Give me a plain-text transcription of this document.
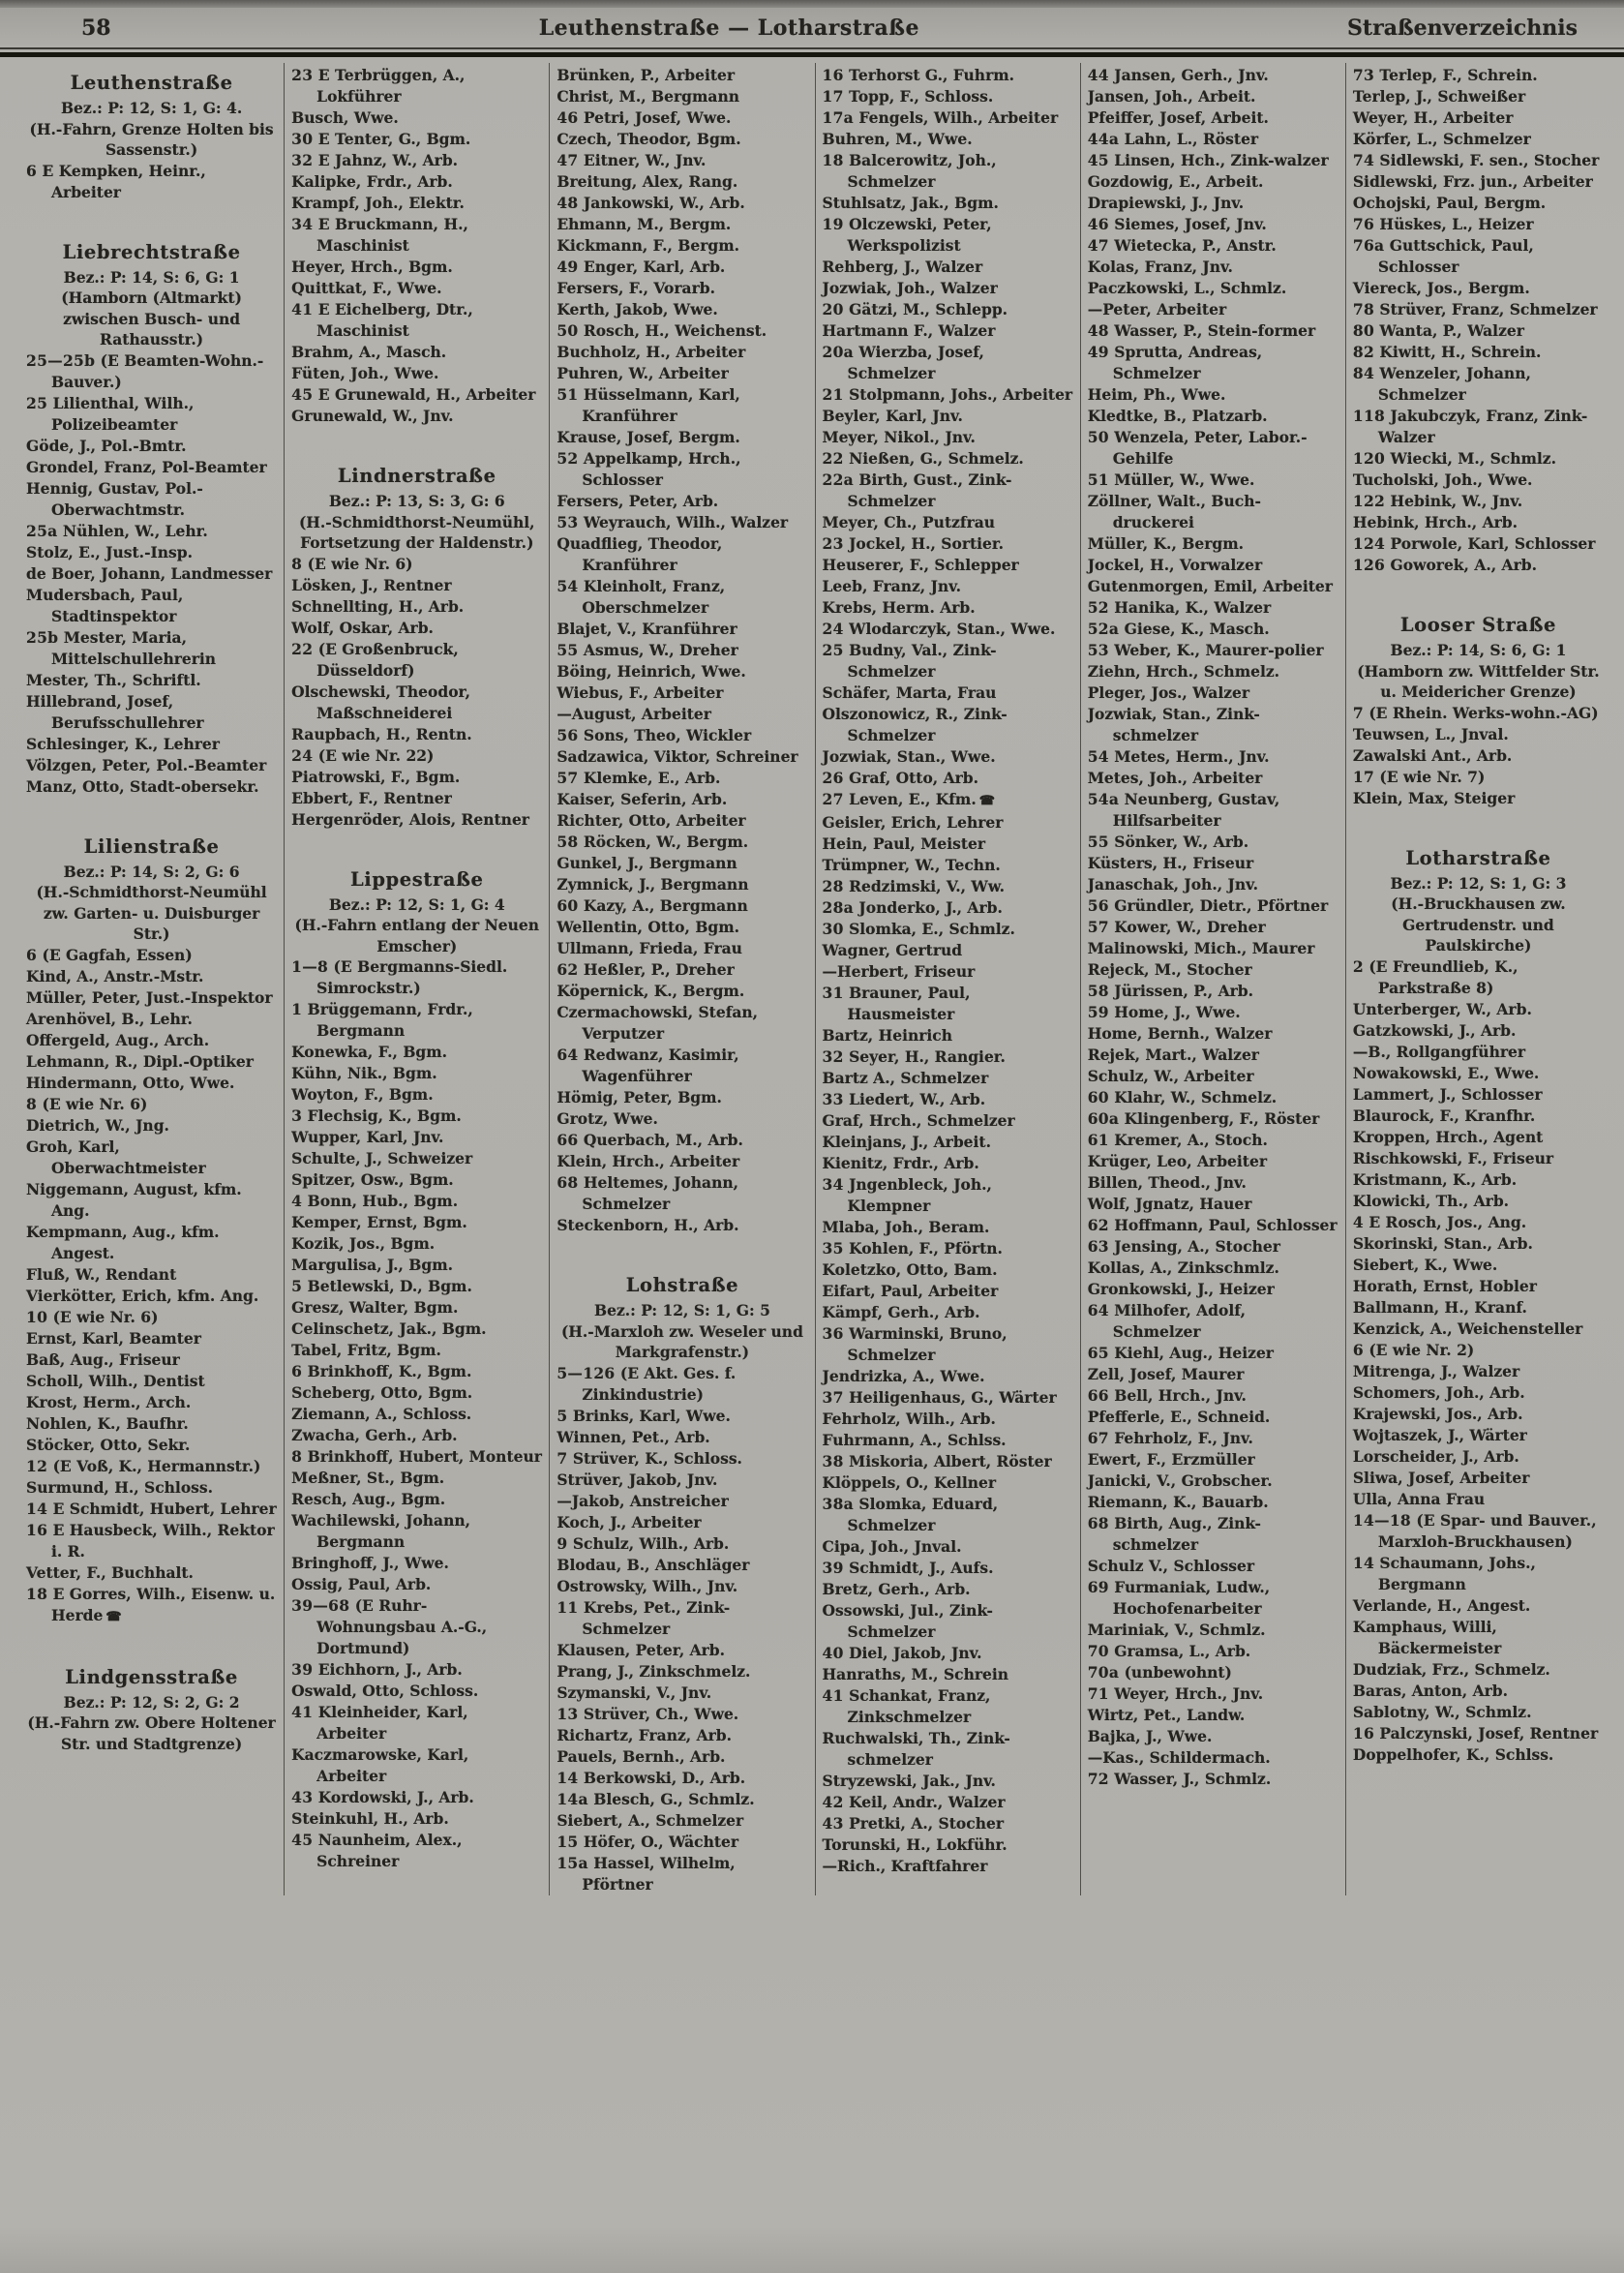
58	Leuthenstraße — Lotharstraße	Straßenverzeichnis
Leuthenstraße
Bez.: P: 12, S: 1, G: 4.
(H.-Fahrn, Grenze Holten bis Sassenstr.)
6 E Kempken, Heinr., Arbeiter
Liebrechtstraße
Bez.: P: 14, S: 6, G: 1
(Hamborn (Altmarkt) zwischen Busch- und Rathausstr.)
25—25b (E Beamten-Wohn.-Bauver.)
25 Lilienthal, Wilh., Polizeibeamter
Göde, J., Pol.-Bmtr.
Grondel, Franz, Pol-Beamter
Hennig, Gustav, Pol.-Oberwachtmstr.
25a Nühlen, W., Lehr.
Stolz, E., Just.-Insp.
de Boer, Johann, Landmesser
Mudersbach, Paul, Stadtinspektor
25b Mester, Maria, Mittelschullehrerin
Mester, Th., Schriftl.
Hillebrand, Josef, Berufsschullehrer
Schlesinger, K., Lehrer
Völzgen, Peter, Pol.-Beamter
Manz, Otto, Stadt-obersekr.
Lilienstraße
Bez.: P: 14, S: 2, G: 6
(H.-Schmidthorst-Neumühl zw. Garten- u. Duisburger Str.)
6 (E Gagfah, Essen)
Kind, A., Anstr.-Mstr.
Müller, Peter, Just.-Inspektor
Arenhövel, B., Lehr.
Offergeld, Aug., Arch.
Lehmann, R., Dipl.-Optiker
Hindermann, Otto, Wwe.
8 (E wie Nr. 6)
Dietrich, W., Jng.
Groh, Karl, Oberwachtmeister
Niggemann, August, kfm. Ang.
Kempmann, Aug., kfm. Angest.
Fluß, W., Rendant
Vierkötter, Erich, kfm. Ang.
10 (E wie Nr. 6)
Ernst, Karl, Beamter
Baß, Aug., Friseur
Scholl, Wilh., Dentist
Krost, Herm., Arch.
Nohlen, K., Baufhr.
Stöcker, Otto, Sekr.
12 (E Voß, K., Hermannstr.)
Surmund, H., Schloss.
14 E Schmidt, Hubert, Lehrer
16 E Hausbeck, Wilh., Rektor i. R.
Vetter, F., Buchhalt.
18 E Gorres, Wilh., Eisenw. u. Herde ☎
Lindgensstraße
Bez.: P: 12, S: 2, G: 2
(H.-Fahrn zw. Obere Holtener Str. und Stadtgrenze)
23 E Terbrüggen, A., Lokführer
Busch, Wwe.
30 E Tenter, G., Bgm.
32 E Jahnz, W., Arb.
Kalipke, Frdr., Arb.
Krampf, Joh., Elektr.
34 E Bruckmann, H., Maschinist
Heyer, Hrch., Bgm.
Quittkat, F., Wwe.
41 E Eichelberg, Dtr., Maschinist
Brahm, A., Masch.
Füten, Joh., Wwe.
45 E Grunewald, H., Arbeiter
Grunewald, W., Jnv.
Lindnerstraße
Bez.: P: 13, S: 3, G: 6
(H.-Schmidthorst-Neumühl, Fortsetzung der Haldenstr.)
8 (E wie Nr. 6)
Lösken, J., Rentner
Schnellting, H., Arb.
Wolf, Oskar, Arb.
22 (E Großenbruck, Düsseldorf)
Olschewski, Theodor, Maßschneiderei
Raupbach, H., Rentn.
24 (E wie Nr. 22)
Piatrowski, F., Bgm.
Ebbert, F., Rentner
Hergenröder, Alois, Rentner
Lippestraße
Bez.: P: 12, S: 1, G: 4
(H.-Fahrn entlang der Neuen Emscher)
1—8 (E Bergmanns-Siedl. Simrockstr.)
1 Brüggemann, Frdr., Bergmann
Konewka, F., Bgm.
Kühn, Nik., Bgm.
Woyton, F., Bgm.
3 Flechsig, K., Bgm.
Wupper, Karl, Jnv.
Schulte, J., Schweizer
Spitzer, Osw., Bgm.
4 Bonn, Hub., Bgm.
Kemper, Ernst, Bgm.
Kozik, Jos., Bgm.
Margulisa, J., Bgm.
5 Betlewski, D., Bgm.
Gresz, Walter, Bgm.
Celinschetz, Jak., Bgm.
Tabel, Fritz, Bgm.
6 Brinkhoff, K., Bgm.
Scheberg, Otto, Bgm.
Ziemann, A., Schloss.
Zwacha, Gerh., Arb.
8 Brinkhoff, Hubert, Monteur
Meßner, St., Bgm.
Resch, Aug., Bgm.
Wachilewski, Johann, Bergmann
Bringhoff, J., Wwe.
Ossig, Paul, Arb.
39—68 (E Ruhr-Wohnungsbau A.-G., Dortmund)
39 Eichhorn, J., Arb.
Oswald, Otto, Schloss.
41 Kleinheider, Karl, Arbeiter
Kaczmarowske, Karl, Arbeiter
43 Kordowski, J., Arb.
Steinkuhl, H., Arb.
45 Naunheim, Alex., Schreiner
Brünken, P., Arbeiter
Christ, M., Bergmann
46 Petri, Josef, Wwe.
Czech, Theodor, Bgm.
47 Eitner, W., Jnv.
Breitung, Alex, Rang.
48 Jankowski, W., Arb.
Ehmann, M., Bergm.
Kickmann, F., Bergm.
49 Enger, Karl, Arb.
Fersers, F., Vorarb.
Kerth, Jakob, Wwe.
50 Rosch, H., Weichenst.
Buchholz, H., Arbeiter
Puhren, W., Arbeiter
51 Hüsselmann, Karl, Kranführer
Krause, Josef, Bergm.
52 Appelkamp, Hrch., Schlosser
Fersers, Peter, Arb.
53 Weyrauch, Wilh., Walzer
Quadflieg, Theodor, Kranführer
54 Kleinholt, Franz, Oberschmelzer
Blajet, V., Kranführer
55 Asmus, W., Dreher
Böing, Heinrich, Wwe.
Wiebus, F., Arbeiter
—August, Arbeiter
56 Sons, Theo, Wickler
Sadzawica, Viktor, Schreiner
57 Klemke, E., Arb.
Kaiser, Seferin, Arb.
Richter, Otto, Arbeiter
58 Röcken, W., Bergm.
Gunkel, J., Bergmann
Zymnick, J., Bergmann
60 Kazy, A., Bergmann
Wellentin, Otto, Bgm.
Ullmann, Frieda, Frau
62 Heßler, P., Dreher
Köpernick, K., Bergm.
Czermachowski, Stefan, Verputzer
64 Redwanz, Kasimir, Wagenführer
Hömig, Peter, Bgm.
Grotz, Wwe.
66 Querbach, M., Arb.
Klein, Hrch., Arbeiter
68 Heltemes, Johann, Schmelzer
Steckenborn, H., Arb.
Lohstraße
Bez.: P: 12, S: 1, G: 5
(H.-Marxloh zw. Weseler und Markgrafenstr.)
5—126 (E Akt. Ges. f. Zinkindustrie)
5 Brinks, Karl, Wwe.
Winnen, Pet., Arb.
7 Strüver, K., Schloss.
Strüver, Jakob, Jnv.
—Jakob, Anstreicher
Koch, J., Arbeiter
9 Schulz, Wilh., Arb.
Blodau, B., Anschläger
Ostrowsky, Wilh., Jnv.
11 Krebs, Pet., Zink-Schmelzer
Klausen, Peter, Arb.
Prang, J., Zinkschmelz.
Szymanski, V., Jnv.
13 Strüver, Ch., Wwe.
Richartz, Franz, Arb.
Pauels, Bernh., Arb.
14 Berkowski, D., Arb.
14a Blesch, G., Schmlz.
Siebert, A., Schmelzer
15 Höfer, O., Wächter
15a Hassel, Wilhelm, Pförtner
16 Terhorst G., Fuhrm.
17 Topp, F., Schloss.
17a Fengels, Wilh., Arbeiter
Buhren, M., Wwe.
18 Balcerowitz, Joh., Schmelzer
Stuhlsatz, Jak., Bgm.
19 Olczewski, Peter, Werkspolizist
Rehberg, J., Walzer
Jozwiak, Joh., Walzer
20 Gätzi, M., Schlepp.
Hartmann F., Walzer
20a Wierzba, Josef, Schmelzer
21 Stolpmann, Johs., Arbeiter
Beyler, Karl, Jnv.
Meyer, Nikol., Jnv.
22 Nießen, G., Schmelz.
22a Birth, Gust., Zink-Schmelzer
Meyer, Ch., Putzfrau
23 Jockel, H., Sortier.
Heuserer, F., Schlepper
Leeb, Franz, Jnv.
Krebs, Herm. Arb.
24 Wlodarczyk, Stan., Wwe.
25 Budny, Val., Zink-Schmelzer
Schäfer, Marta, Frau
Olszonowicz, R., Zink-Schmelzer
Jozwiak, Stan., Wwe.
26 Graf, Otto, Arb.
27 Leven, E., Kfm. ☎
Geisler, Erich, Lehrer
Hein, Paul, Meister
Trümpner, W., Techn.
28 Redzimski, V., Ww.
28a Jonderko, J., Arb.
30 Slomka, E., Schmlz.
Wagner, Gertrud
—Herbert, Friseur
31 Brauner, Paul, Hausmeister
Bartz, Heinrich
32 Seyer, H., Rangier.
Bartz A., Schmelzer
33 Liedert, W., Arb.
Graf, Hrch., Schmelzer
Kleinjans, J., Arbeit.
Kienitz, Frdr., Arb.
34 Jngenbleck, Joh., Klempner
Mlaba, Joh., Beram.
35 Kohlen, F., Pförtn.
Koletzko, Otto, Bam.
Eifart, Paul, Arbeiter
Kämpf, Gerh., Arb.
36 Warminski, Bruno, Schmelzer
Jendrizka, A., Wwe.
37 Heiligenhaus, G., Wärter
Fehrholz, Wilh., Arb.
Fuhrmann, A., Schlss.
38 Miskoria, Albert, Röster
Klöppels, O., Kellner
38a Slomka, Eduard, Schmelzer
Cipa, Joh., Jnval.
39 Schmidt, J., Aufs.
Bretz, Gerh., Arb.
Ossowski, Jul., Zink-Schmelzer
40 Diel, Jakob, Jnv.
Hanraths, M., Schrein
41 Schankat, Franz, Zinkschmelzer
Ruchwalski, Th., Zink-schmelzer
Stryzewski, Jak., Jnv.
42 Keil, Andr., Walzer
43 Pretki, A., Stocher
Torunski, H., Lokführ.
—Rich., Kraftfahrer
44 Jansen, Gerh., Jnv.
Jansen, Joh., Arbeit.
Pfeiffer, Josef, Arbeit.
44a Lahn, L., Röster
45 Linsen, Hch., Zink-walzer
Gozdowig, E., Arbeit.
Drapiewski, J., Jnv.
46 Siemes, Josef, Jnv.
47 Wietecka, P., Anstr.
Kolas, Franz, Jnv.
Paczkowski, L., Schmlz.
—Peter, Arbeiter
48 Wasser, P., Stein-former
49 Sprutta, Andreas, Schmelzer
Heim, Ph., Wwe.
Kledtke, B., Platzarb.
50 Wenzela, Peter, Labor.-Gehilfe
51 Müller, W., Wwe.
Zöllner, Walt., Buch-druckerei
Müller, K., Bergm.
Jockel, H., Vorwalzer
Gutenmorgen, Emil, Arbeiter
52 Hanika, K., Walzer
52a Giese, K., Masch.
53 Weber, K., Maurer-polier
Ziehn, Hrch., Schmelz.
Pleger, Jos., Walzer
Jozwiak, Stan., Zink-schmelzer
54 Metes, Herm., Jnv.
Metes, Joh., Arbeiter
54a Neunberg, Gustav, Hilfsarbeiter
55 Sönker, W., Arb.
Küsters, H., Friseur
Janaschak, Joh., Jnv.
56 Gründler, Dietr., Pförtner
57 Kower, W., Dreher
Malinowski, Mich., Maurer
Rejeck, M., Stocher
58 Jürissen, P., Arb.
59 Home, J., Wwe.
Home, Bernh., Walzer
Rejek, Mart., Walzer
Schulz, W., Arbeiter
60 Klahr, W., Schmelz.
60a Klingenberg, F., Röster
61 Kremer, A., Stoch.
Krüger, Leo, Arbeiter
Billen, Theod., Jnv.
Wolf, Jgnatz, Hauer
62 Hoffmann, Paul, Schlosser
63 Jensing, A., Stocher
Kollas, A., Zinkschmlz.
Gronkowski, J., Heizer
64 Milhofer, Adolf, Schmelzer
65 Kiehl, Aug., Heizer
Zell, Josef, Maurer
66 Bell, Hrch., Jnv.
Pfefferle, E., Schneid.
67 Fehrholz, F., Jnv.
Ewert, F., Erzmüller
Janicki, V., Grobscher.
Riemann, K., Bauarb.
68 Birth, Aug., Zink-schmelzer
Schulz V., Schlosser
69 Furmaniak, Ludw., Hochofenarbeiter
Mariniak, V., Schmlz.
70 Gramsa, L., Arb.
70a (unbewohnt)
71 Weyer, Hrch., Jnv.
Wirtz, Pet., Landw.
Bajka, J., Wwe.
—Kas., Schildermach.
72 Wasser, J., Schmlz.
73 Terlep, F., Schrein.
Terlep, J., Schweißer
Weyer, H., Arbeiter
Körfer, L., Schmelzer
74 Sidlewski, F. sen., Stocher
Sidlewski, Frz. jun., Arbeiter
Ochojski, Paul, Bergm.
76 Hüskes, L., Heizer
76a Guttschick, Paul, Schlosser
Viereck, Jos., Bergm.
78 Strüver, Franz, Schmelzer
80 Wanta, P., Walzer
82 Kiwitt, H., Schrein.
84 Wenzeler, Johann, Schmelzer
118 Jakubczyk, Franz, Zink-Walzer
120 Wiecki, M., Schmlz.
Tucholski, Joh., Wwe.
122 Hebink, W., Jnv.
Hebink, Hrch., Arb.
124 Porwole, Karl, Schlosser
126 Goworek, A., Arb.
Looser Straße
Bez.: P: 14, S: 6, G: 1
(Hamborn zw. Wittfelder Str. u. Meidericher Grenze)
7 (E Rhein. Werks-wohn.-AG)
Teuwsen, L., Jnval.
Zawalski Ant., Arb.
17 (E wie Nr. 7)
Klein, Max, Steiger
Lotharstraße
Bez.: P: 12, S: 1, G: 3
(H.-Bruckhausen zw. Gertrudenstr. und Paulskirche)
2 (E Freundlieb, K., Parkstraße 8)
Unterberger, W., Arb.
Gatzkowski, J., Arb.
—B., Rollgangführer
Nowakowski, E., Wwe.
Lammert, J., Schlosser
Blaurock, F., Kranfhr.
Kroppen, Hrch., Agent
Rischkowski, F., Friseur
Kristmann, K., Arb.
Klowicki, Th., Arb.
4 E Rosch, Jos., Ang.
Skorinski, Stan., Arb.
Siebert, K., Wwe.
Horath, Ernst, Hobler
Ballmann, H., Kranf.
Kenzick, A., Weichensteller
6 (E wie Nr. 2)
Mitrenga, J., Walzer
Schomers, Joh., Arb.
Krajewski, Jos., Arb.
Wojtaszek, J., Wärter
Lorscheider, J., Arb.
Sliwa, Josef, Arbeiter
Ulla, Anna Frau
14—18 (E Spar- und Bauver., Marxloh-Bruckhausen)
14 Schaumann, Johs., Bergmann
Verlande, H., Angest.
Kamphaus, Willi, Bäckermeister
Dudziak, Frz., Schmelz.
Baras, Anton, Arb.
Sablotny, W., Schmlz.
16 Palczynski, Josef, Rentner
Doppelhofer, K., Schlss.
